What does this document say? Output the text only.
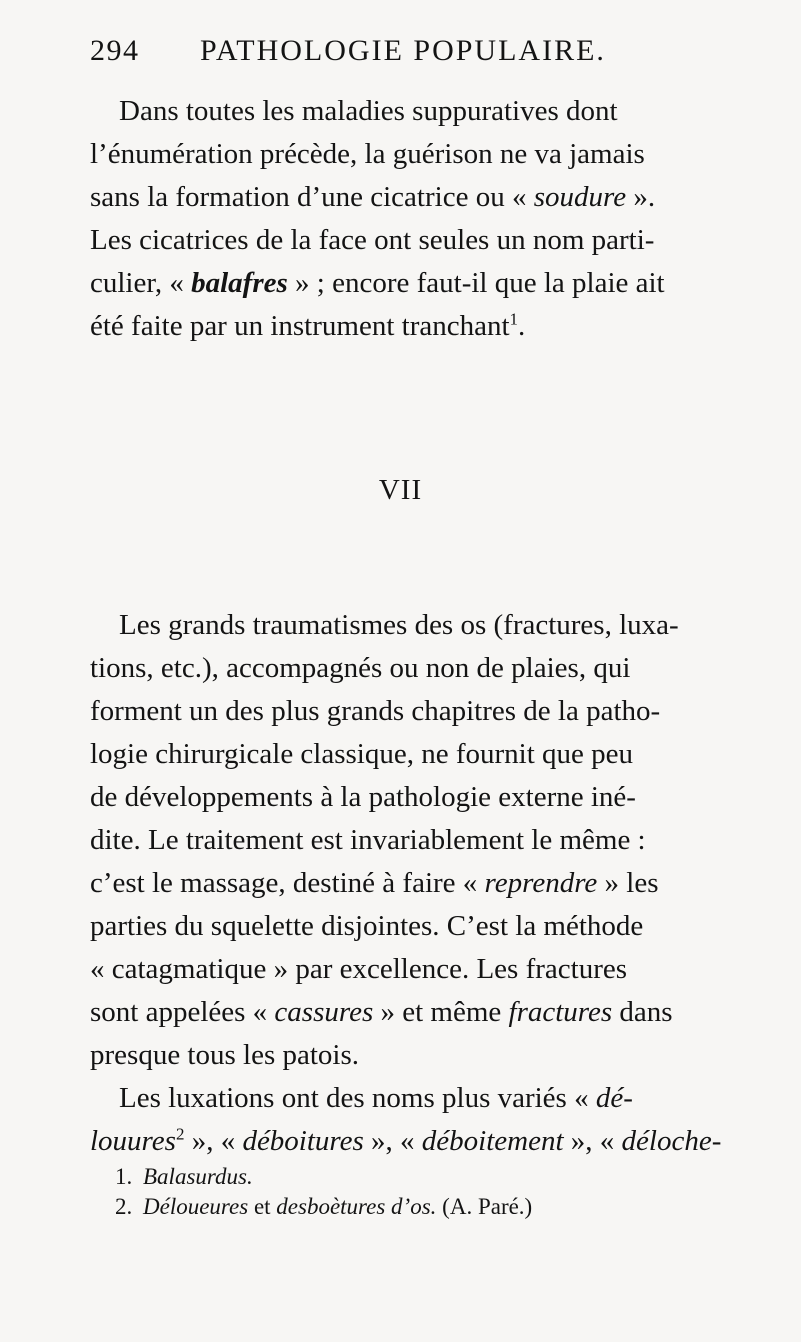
294 PATHOLOGIE POPULAIRE.

Dans toutes les maladies suppuratives dont

l’énumération précède, la guérison ne va jamais

sans la formation d’une cicatrice ou « soudure ».

Les cicatrices de la face ont seules un nom parti-

culier, « balafres » ; encore faut-il que la plaie ait

été faite par un instrument tranchant$^1$.

VII

Les grands traumatismes des os (fractures, luxa-

tions, etc.), accompagnés ou non de plaies, qui

forment un des plus grands chapitres de la patho-

logie chirurgicale classique, ne fournit que peu

de développements à la pathologie externe iné-

dite. Le traitement est invariablement le même :

c’est le massage, destiné à faire « reprendre » les

parties du squelette disjointes. C’est la méthode

« catagmatique » par excellence. Les fractures

sont appelées « cassures » et même fractures dans

presque tous les patois.

Les luxations ont des noms plus variés « dé-

louures$^2$ », « déboitures », « déboitement », « déloche-

1. Balasurdus.

2. Déloueures et desboètures d’os. (A. Paré.)
